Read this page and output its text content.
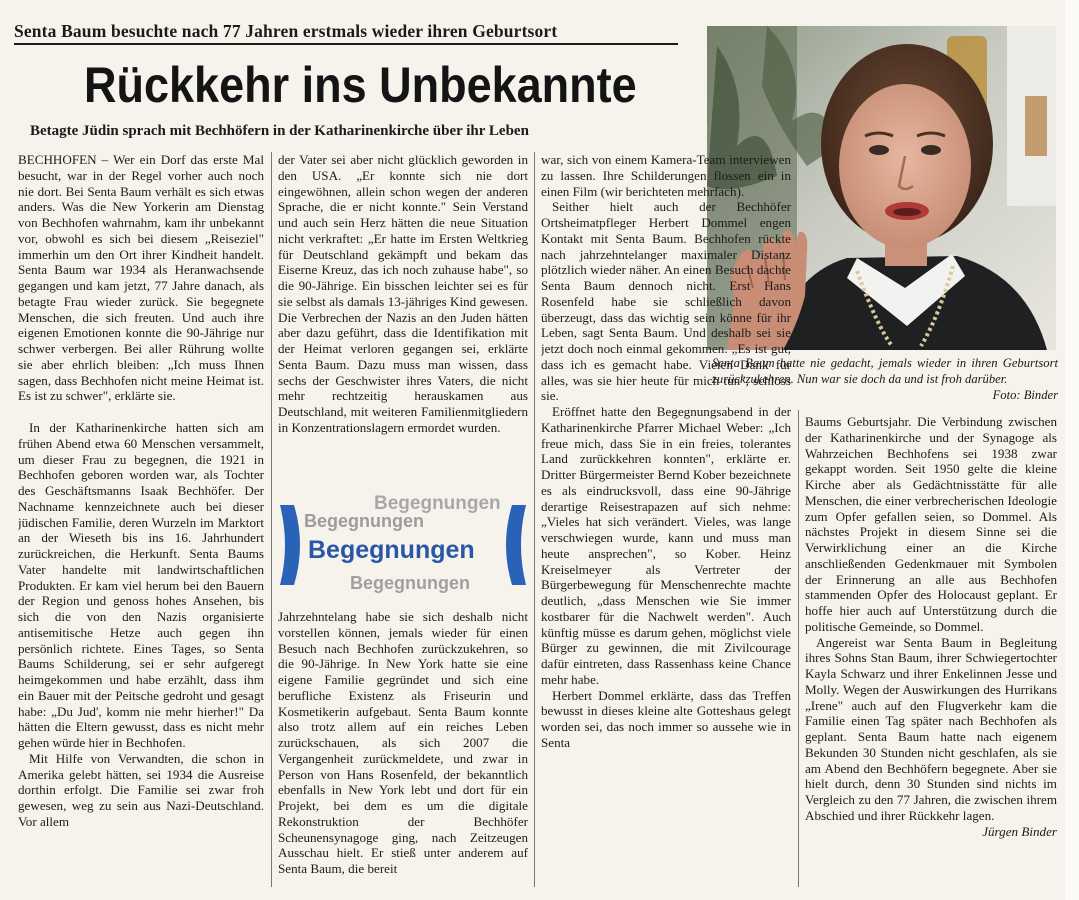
Senta Baum besuchte nach 77 Jahren erstmals wieder ihren Geburtsort
Rückkehr ins Unbekannte
Betagte Jüdin sprach mit Bechhöfern in der Katharinenkirche über ihr Leben
Senta Baum hatte nie gedacht, jemals wieder in ihren Geburtsort zurückzukehren. Nun war sie doch da und ist froh darüber.
Foto: Binder

BECHHOFEN – Wer ein Dorf das erste Mal besucht, war in der Regel vorher auch noch nie dort. Bei Senta Baum verhält es sich etwas anders. Was die New Yorkerin am Dienstag von Bechhofen wahrnahm, kam ihr unbekannt vor, obwohl es sich bei diesem „Reiseziel" immerhin um den Ort ihrer Kindheit handelt. Senta Baum war 1934 als Heranwachsende gegangen und kam jetzt, 77 Jahre danach, als betagte Frau wieder zurück. Sie begegnete Menschen, die sich freuten. Und auch ihre eigenen Emotionen konnte die 90-Jährige nur schwer verbergen. Bei aller Rührung wollte sie aber ehrlich bleiben: „Ich muss Ihnen sagen, dass Bechhofen nicht meine Heimat ist. Es ist zu schwer", erklärte sie.

In der Katharinenkirche hatten sich am frühen Abend etwa 60 Menschen versammelt, um dieser Frau zu begegnen, die 1921 in Bechhofen geboren worden war, als Tochter des Geschäftsmanns Isaak Bechhöfer. Der Nachname kennzeichnete auch bei dieser jüdischen Familie, deren Wurzeln im Marktort an der Wieseth bis ins 16. Jahrhundert zurückreichen, die Herkunft. Senta Baums Vater handelte mit landwirtschaftlichen Produkten. Er kam viel herum bei den Bauern der Region und genoss hohes Ansehen, bis sich die von den Nazis organisierte antisemitische Hetze auch gegen ihn persönlich richtete. Eines Tages, so Senta Baums Schilderung, sei er sehr aufgeregt heimgekommen und habe erzählt, dass ihm ein Bauer mit der Peitsche gedroht und gesagt habe: „Du Jud', komm nie mehr hierher!" Da hätten die Eltern gewusst, dass es nicht mehr gehen würde hier in Bechhofen.

Mit Hilfe von Verwandten, die schon in Amerika gelebt hätten, sei 1934 die Ausreise dorthin erfolgt. Die Familie sei zwar froh gewesen, weg zu sein aus Nazi-Deutschland. Vor allem

der Vater sei aber nicht glücklich geworden in den USA. „Er konnte sich nie dort eingewöhnen, allein schon wegen der anderen Sprache, die er nicht konnte." Sein Verstand und auch sein Herz hätten die neue Situation nicht verkraftet: „Er hatte im Ersten Weltkrieg für Deutschland gekämpft und bekam das Eiserne Kreuz, das ich noch zuhause habe", so die 90-Jährige. Ein bisschen leichter sei es für sie selbst als damals 13-jähriges Kind gewesen. Die Verbrechen der Nazis an den Juden hätten aber dazu geführt, dass die Identifikation mit der Heimat verloren gegangen sei, erklärte Senta Baum. Dazu muss man wissen, dass sechs der Geschwister ihres Vaters, die nicht mehr rechtzeitig herauskamen aus Deutschland, mit weiteren Familienmitgliedern in Konzentrationslagern ermordet wurden.

Begegnungen
Begegnungen
Begegnungen
Begegnungen

Jahrzehntelang habe sie sich deshalb nicht vorstellen können, jemals wieder für einen Besuch nach Bechhofen zurückzukehren, so die 90-Jährige. In New York hatte sie eine eigene Familie gegründet und sich eine berufliche Existenz als Friseurin und Kosmetikerin aufgebaut. Senta Baum konnte also trotz allem auf ein reiches Leben zurückschauen, als sich 2007 die Vergangenheit zurückmeldete, und zwar in Person von Hans Rosenfeld, der bekanntlich ebenfalls in New York lebt und dort für ein Projekt, bei dem es um die digitale Rekonstruktion der Bechhöfer Scheunensynagoge ging, nach Zeitzeugen Ausschau hielt. Er stieß unter anderem auf Senta Baum, die bereit

war, sich von einem Kamera-Team interviewen zu lassen. Ihre Schilderungen flossen ein in einen Film (wir berichteten mehrfach).

Seither hielt auch der Bechhöfer Ortsheimatpfleger Herbert Dommel engen Kontakt mit Senta Baum. Bechhofen rückte nach jahrzehntelanger maximaler Distanz plötzlich wieder näher. An einen Besuch dachte Senta Baum dennoch nicht. Erst Hans Rosenfeld habe sie schließlich davon überzeugt, dass das wichtig sein könne für ihr Leben, sagt Senta Baum. Und deshalb sei sie jetzt doch noch einmal gekommen. „Es ist gut, dass ich es gemacht habe. Vielen Dank für alles, was sie hier heute für mich tun", schloss sie.

Eröffnet hatte den Begegnungsabend in der Katharinenkirche Pfarrer Michael Weber: „Ich freue mich, dass Sie in ein freies, tolerantes Land zurückkehren konnten", erklärte er. Dritter Bürgermeister Bernd Kober bezeichnete es als eindrucksvoll, dass eine 90-Jährige derartige Reisestrapazen auf sich nehme: „Vieles hat sich verändert. Vieles, was lange verschwiegen wurde, kann und muss man heute ansprechen", so Kober. Heinz Kreiselmeyer als Vertreter der Bürgerbewegung für Menschenrechte machte deutlich, „dass Menschen wie Sie immer kostbarer für die Nachwelt werden". Auch künftig müsse es darum gehen, möglichst viele Bürger zu gewinnen, die mit Zivilcourage dafür eintreten, dass Rassenhass keine Chance mehr habe.

Herbert Dommel erklärte, dass das Treffen bewusst in dieses kleine alte Gotteshaus gelegt worden sei, das noch immer so aussehe wie in Senta

Baums Geburtsjahr. Die Verbindung zwischen der Katharinenkirche und der Synagoge als Wahrzeichen Bechhofens sei 1938 zwar gekappt worden. Seit 1950 gelte die kleine Kirche aber als Gedächtnisstätte für alle Menschen, die einer verbrecherischen Ideologie zum Opfer gefallen seien, so Dommel. Als nächstes Projekt in diesem Sinne sei die Verwirklichung einer an die Kirche anschließenden Gedenkmauer mit Symbolen der Erinnerung an alle aus Bechhofen stammenden Opfer des Holocaust geplant. Er hoffe hier auch auf Unterstützung durch die politische Gemeinde, so Dommel.

Angereist war Senta Baum in Begleitung ihres Sohns Stan Baum, ihrer Schwiegertochter Kayla Schwarz und ihrer Enkelinnen Jesse und Molly. Wegen der Auswirkungen des Hurrikans „Irene" auch auf den Flugverkehr kam die Familie einen Tag später nach Bechhofen als geplant. Senta Baum hatte nach eigenem Bekunden 30 Stunden nicht geschlafen, als sie am Abend den Bechhöfern begegnete. Aber sie hielt durch, denn 30 Stunden sind nichts im Vergleich zu den 77 Jahren, die zwischen ihrem Abschied und ihrer Rückkehr lagen.

Jürgen Binder
